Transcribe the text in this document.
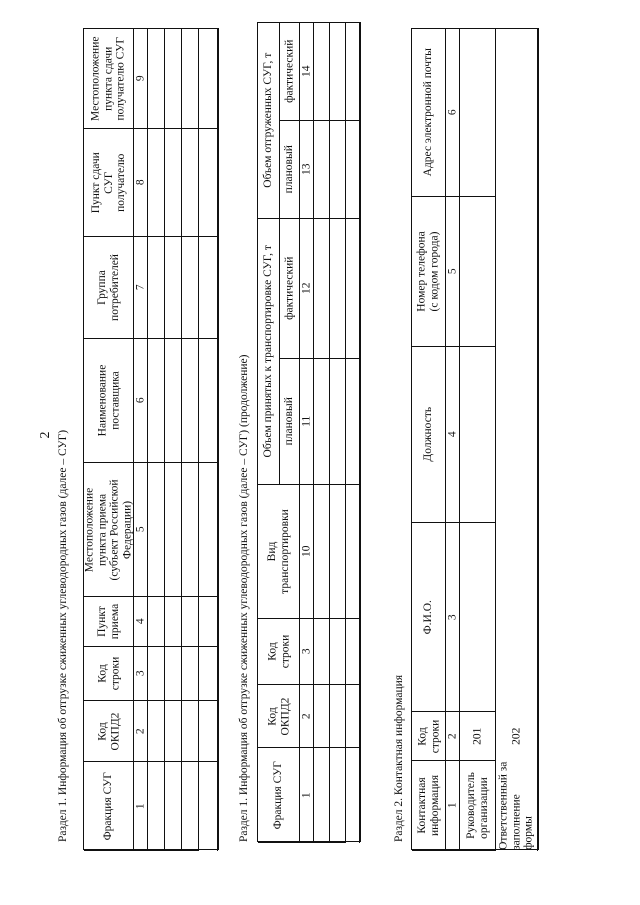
2 Раздел 1. Информация об отгрузке сжиженных углеводородных газов (далее – СУГ)	Фракция СУГ
Код
ОКПД2
Код
строки
Пункт
приема
Местоположение
пункта приема
(субъект Российской
Федерации)
Наименование
поставщика
Группа
потребителей
Пункт сдачи
СУГ
получателю
Местоположение
пункта сдачи
получателю СУГ
1
2
3
4
5
6
7
8
9
Раздел 1. Информация об отгрузке сжиженных углеводородных газов (далее – СУГ) (продолжение) Фракция СУГ
Код
ОКПД2
Код
строки
Вид
транспортировки
Объем принятых к транспортировке СУГ, т плановый
фактический
Объем отгруженных СУГ, т плановый
фактический
1
2
3
10
11
12
13
14
Раздел 2. Контактная информация Контактная
информация
Код
строки
Ф.И.О.
Должность
Номер телефона
(с кодом города)
Адрес электронной почты
1
2
3
4
5
6
Руководитель
организации
201
Ответственный за
заполнение
формы
202
